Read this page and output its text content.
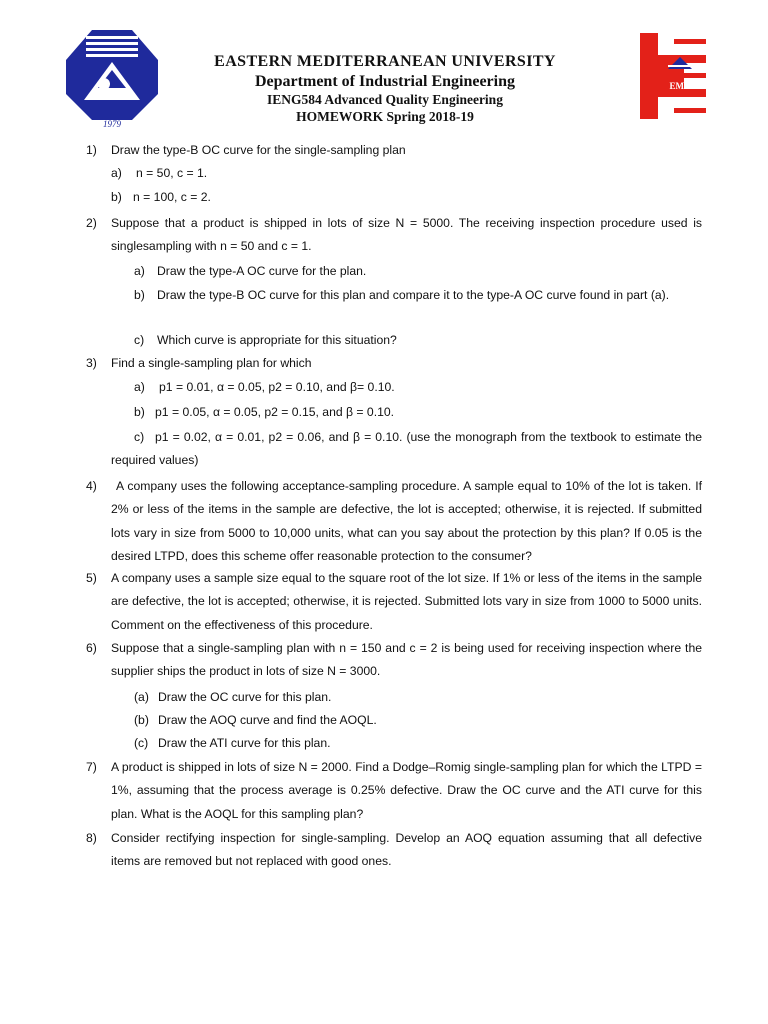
1979
EASTERN MEDITERRANEAN UNIVERSITY
Department of Industrial Engineering
IENG584 Advanced Quality Engineering
HOMEWORK Spring 2018-19
EMU
1)	Draw the type-B OC curve for the single-sampling plan
a) n = 50, c = 1.
b) n = 100, c = 2.
2)	Suppose that a product is shipped in lots of size N = 5000. The receiving inspection procedure used is singlesampling with n = 50 and c = 1.
a) Draw the type-A OC curve for the plan.
b) Draw the type-B OC curve for this plan and compare it to the type-A OC curve found in part (a).
c) Which curve is appropriate for this situation?
3)	Find a single-sampling plan for which
a) p1 = 0.01, α = 0.05, p2 = 0.10, and β= 0.10.
b) p1 = 0.05, α = 0.05, p2 = 0.15, and β = 0.10.
c) p1 = 0.02, α = 0.01, p2 = 0.06, and β = 0.10. (use the monograph from the textbook to estimate the required values)
4)	A company uses the following acceptance-sampling procedure. A sample equal to 10% of the lot is taken. If 2% or less of the items in the sample are defective, the lot is accepted; otherwise, it is rejected. If submitted lots vary in size from 5000 to 10,000 units, what can you say about the protection by this plan? If 0.05 is the desired LTPD, does this scheme offer reasonable protection to the consumer?
5)	A company uses a sample size equal to the square root of the lot size. If 1% or less of the items in the sample are defective, the lot is accepted; otherwise, it is rejected. Submitted lots vary in size from 1000 to 5000 units. Comment on the effectiveness of this procedure.
6)	Suppose that a single-sampling plan with n = 150 and c = 2 is being used for receiving inspection where the supplier ships the product in lots of size N = 3000.
(a) Draw the OC curve for this plan.
(b) Draw the AOQ curve and find the AOQL.
(c) Draw the ATI curve for this plan.
7)	A product is shipped in lots of size N = 2000. Find a Dodge–Romig single-sampling plan for which the LTPD = 1%, assuming that the process average is 0.25% defective. Draw the OC curve and the ATI curve for this plan. What is the AOQL for this sampling plan?
8)	Consider rectifying inspection for single-sampling. Develop an AOQ equation assuming that all defective items are removed but not replaced with good ones.
